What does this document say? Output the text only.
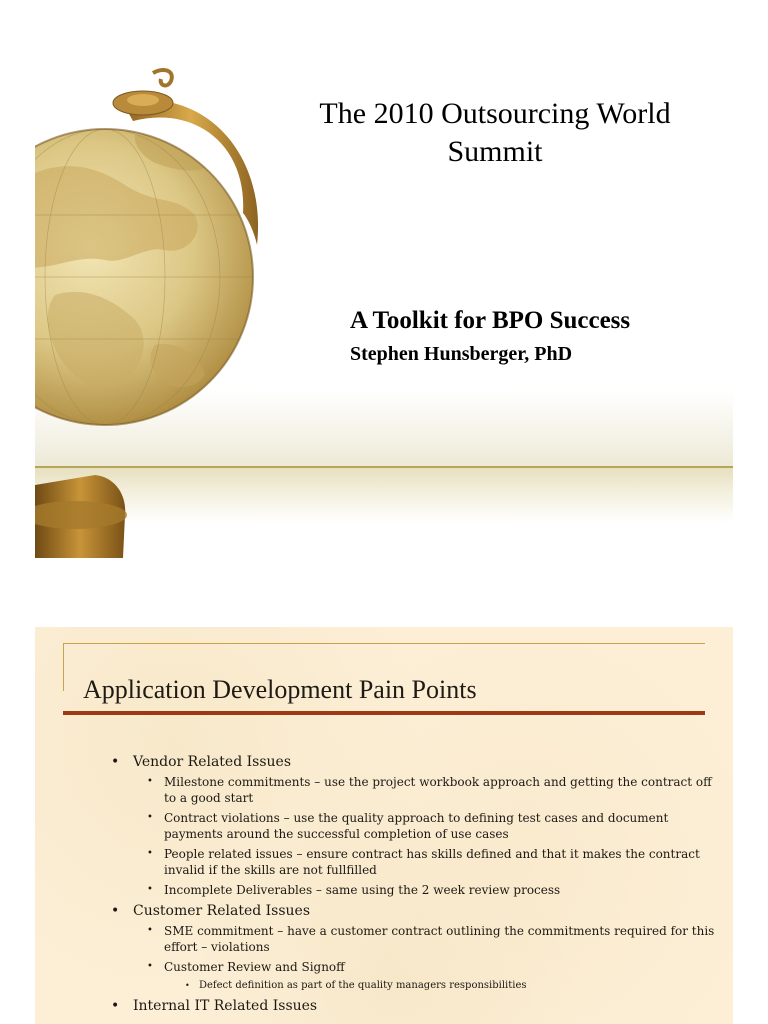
The 2010 Outsourcing World Summit
A Toolkit for BPO Success
Stephen Hunsberger, PhD
Application Development Pain Points
• Vendor Related Issues
• Milestone commitments – use the project workbook approach and getting the contract off to a good start
• Contract violations – use the quality approach to defining test cases and document payments around the successful completion of use cases
• People related issues – ensure contract has skills defined and that it makes the contract invalid if the skills are not fullfilled
• Incomplete Deliverables – same using the 2 week review process
• Customer Related Issues
• SME commitment – have a customer contract outlining the commitments required for this effort – violations
• Customer Review and Signoff
• Defect definition as part of the quality managers responsibilities
• Internal IT Related Issues
